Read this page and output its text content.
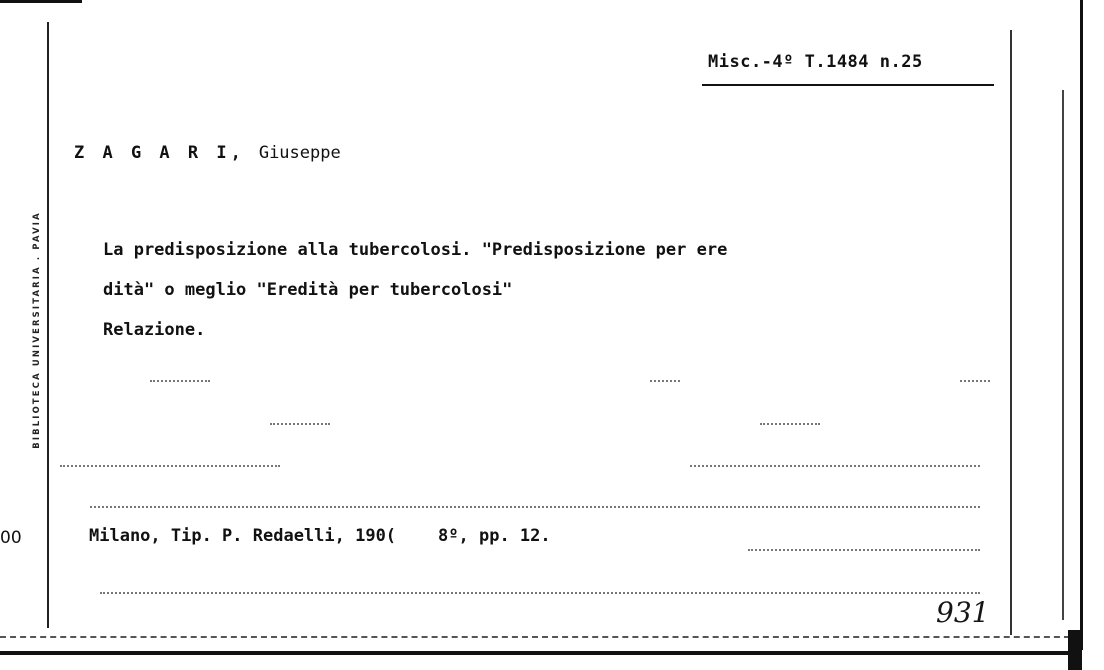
BIBLIOTECA UNIVERSITARIA . PAVIA
Misc.-4º T.1484 n.25
Z A G A R I, Giuseppe
La predisposizione alla tubercolosi. "Predisposizione per ere
dità" o meglio "Eredità per tubercolosi"
Relazione.
Milano, Tip. P. Redaelli, 190( 8º, pp. 12.
00
931
